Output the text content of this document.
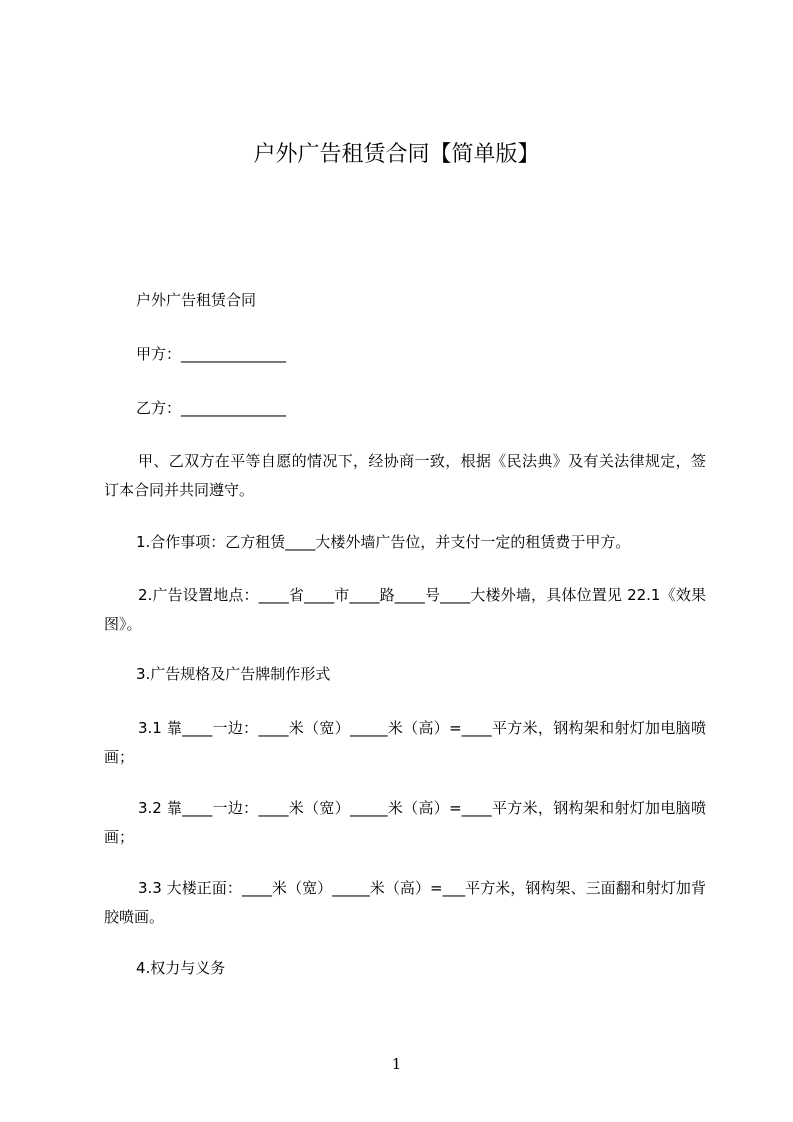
户外广告租赁合同【简单版】
户外广告租赁合同
甲方：______________
乙方：______________
甲、乙双方在平等自愿的情况下，经协商一致，根据《民法典》及有关法律规定，签订本合同并共同遵守。
1.合作事项：乙方租赁____大楼外墙广告位，并支付一定的租赁费于甲方。
2.广告设置地点：____省____市____路____号____大楼外墙，具体位置见 22.1《效果图》。
3.广告规格及广告牌制作形式
3.1 靠____一边：____米（宽）_____米（高）=____平方米，钢构架和射灯加电脑喷画；
3.2 靠____一边：____米（宽）_____米（高）=____平方米，钢构架和射灯加电脑喷画；
3.3 大楼正面：____米（宽）_____米（高）=___平方米，钢构架、三面翻和射灯加背胶喷画。
4.权力与义务
1
